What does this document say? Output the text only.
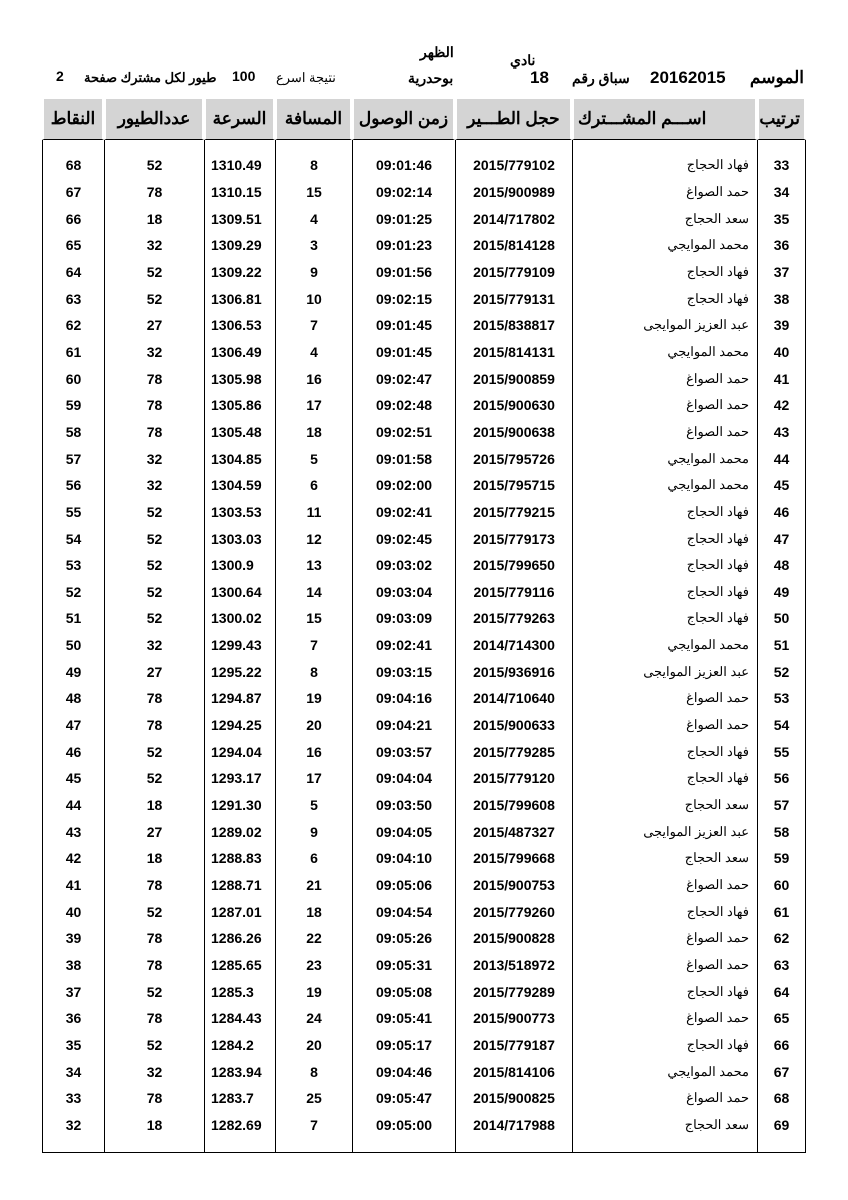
الظهر	نادي
الموسم
20162015
سباق رقم
18
بوحدرية
نتيجة اسرع
100
طيور لكل مشترك صفحة
2
ترتيب	اســـم المشـــترك	حجل الطـــير	زمن الوصول	المسافة	السرعة	عددالطيور	النقاط

33	فهاد الحجاج	2015/779102	09:01:46	8	1310.49	52	68
34	حمد الصواغ	2015/900989	09:02:14	15	1310.15	78	67
35	سعد الحجاج	2014/717802	09:01:25	4	1309.51	18	66
36	محمد الموايجي	2015/814128	09:01:23	3	1309.29	32	65
37	فهاد الحجاج	2015/779109	09:01:56	9	1309.22	52	64
38	فهاد الحجاج	2015/779131	09:02:15	10	1306.81	52	63
39	عبد العزيز الموايجى	2015/838817	09:01:45	7	1306.53	27	62
40	محمد الموايجي	2015/814131	09:01:45	4	1306.49	32	61
41	حمد الصواغ	2015/900859	09:02:47	16	1305.98	78	60
42	حمد الصواغ	2015/900630	09:02:48	17	1305.86	78	59
43	حمد الصواغ	2015/900638	09:02:51	18	1305.48	78	58
44	محمد الموايجي	2015/795726	09:01:58	5	1304.85	32	57
45	محمد الموايجي	2015/795715	09:02:00	6	1304.59	32	56
46	فهاد الحجاج	2015/779215	09:02:41	11	1303.53	52	55
47	فهاد الحجاج	2015/779173	09:02:45	12	1303.03	52	54
48	فهاد الحجاج	2015/799650	09:03:02	13	1300.9	52	53
49	فهاد الحجاج	2015/779116	09:03:04	14	1300.64	52	52
50	فهاد الحجاج	2015/779263	09:03:09	15	1300.02	52	51
51	محمد الموايجي	2014/714300	09:02:41	7	1299.43	32	50
52	عبد العزيز الموايجى	2015/936916	09:03:15	8	1295.22	27	49
53	حمد الصواغ	2014/710640	09:04:16	19	1294.87	78	48
54	حمد الصواغ	2015/900633	09:04:21	20	1294.25	78	47
55	فهاد الحجاج	2015/779285	09:03:57	16	1294.04	52	46
56	فهاد الحجاج	2015/779120	09:04:04	17	1293.17	52	45
57	سعد الحجاج	2015/799608	09:03:50	5	1291.30	18	44
58	عبد العزيز الموايجى	2015/487327	09:04:05	9	1289.02	27	43
59	سعد الحجاج	2015/799668	09:04:10	6	1288.83	18	42
60	حمد الصواغ	2015/900753	09:05:06	21	1288.71	78	41
61	فهاد الحجاج	2015/779260	09:04:54	18	1287.01	52	40
62	حمد الصواغ	2015/900828	09:05:26	22	1286.26	78	39
63	حمد الصواغ	2013/518972	09:05:31	23	1285.65	78	38
64	فهاد الحجاج	2015/779289	09:05:08	19	1285.3	52	37
65	حمد الصواغ	2015/900773	09:05:41	24	1284.43	78	36
66	فهاد الحجاج	2015/779187	09:05:17	20	1284.2	52	35
67	محمد الموايجي	2015/814106	09:04:46	8	1283.94	32	34
68	حمد الصواغ	2015/900825	09:05:47	25	1283.7	78	33
69	سعد الحجاج	2014/717988	09:05:00	7	1282.69	18	32
